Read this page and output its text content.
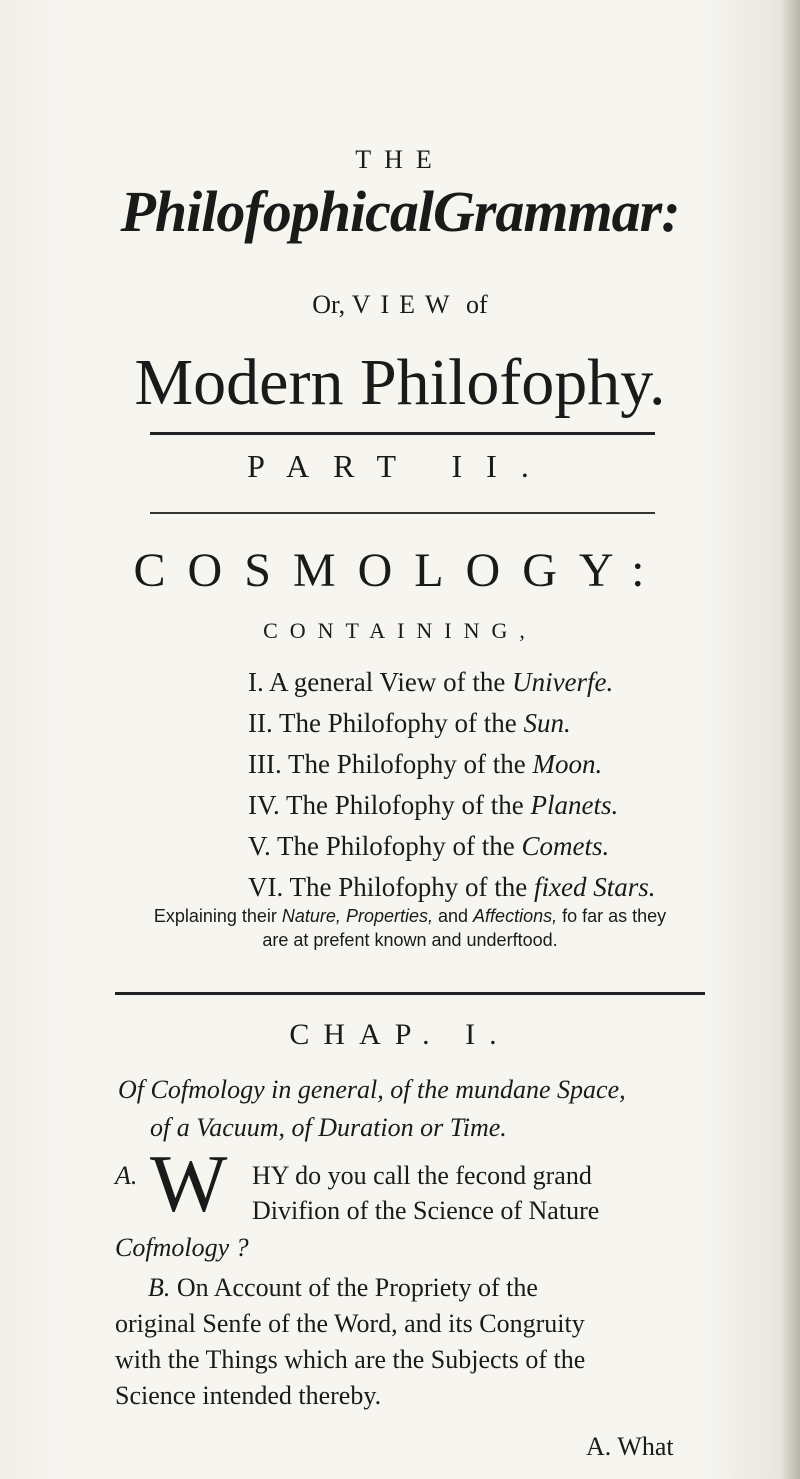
THE
PhilofophicalGrammar:
Or, VIEW of
Modern Philofophy.
PART II.
COSMOLOGY:
CONTAINING,
I. A general View of the Univerfe.
II. The Philofophy of the Sun.
III. The Philofophy of the Moon.
IV. The Philofophy of the Planets.
V. The Philofophy of the Comets.
VI. The Philofophy of the fixed Stars.
Explaining their Nature, Properties, and Affections, fo far as they are at prefent known and underftood.
CHAP. I.
Of Cofmology in general, of the mundane Space,
of a Vacuum, of Duration or Time.
A. W HY do you call the fecond grand
Divifion of the Science of Nature
Cofmology ?
B. On Account of the Propriety of the
original Senfe of the Word, and its Congruity
with the Things which are the Subjects of the
Science intended thereby.
A. What
